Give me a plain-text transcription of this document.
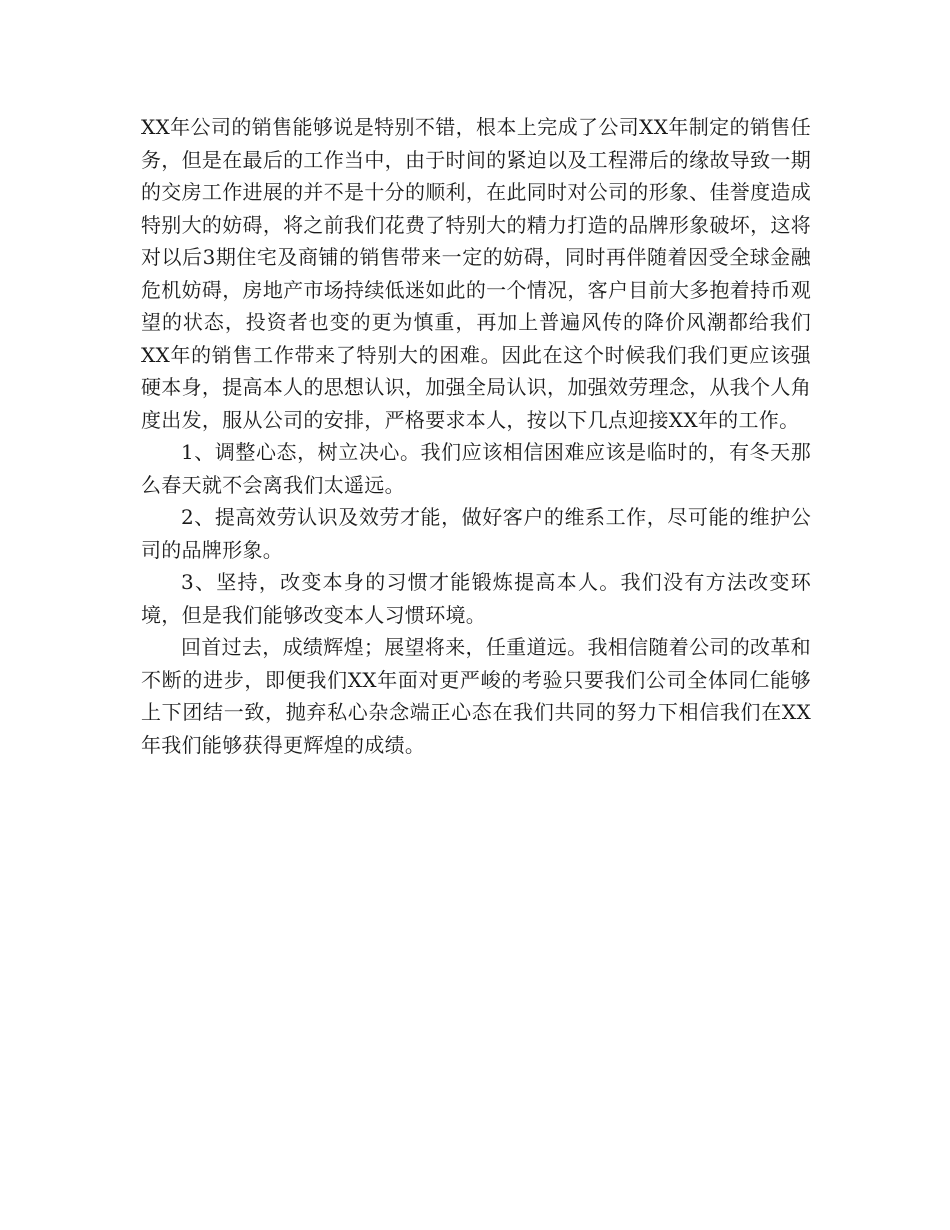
XX年公司的销售能够说是特别不错，根本上完成了公司XX年制定的销售任务，但是在最后的工作当中，由于时间的紧迫以及工程滞后的缘故导致一期的交房工作进展的并不是十分的顺利，在此同时对公司的形象、佳誉度造成特别大的妨碍，将之前我们花费了特别大的精力打造的品牌形象破坏，这将对以后3期住宅及商铺的销售带来一定的妨碍，同时再伴随着因受全球金融危机妨碍，房地产市场持续低迷如此的一个情况，客户目前大多抱着持币观望的状态，投资者也变的更为慎重，再加上普遍风传的降价风潮都给我们XX年的销售工作带来了特别大的困难。因此在这个时候我们我们更应该强硬本身，提高本人的思想认识，加强全局认识，加强效劳理念，从我个人角度出发，服从公司的安排，严格要求本人，按以下几点迎接XX年的工作。

1、调整心态，树立决心。我们应该相信困难应该是临时的，有冬天那么春天就不会离我们太遥远。

2、提高效劳认识及效劳才能，做好客户的维系工作，尽可能的维护公司的品牌形象。

3、坚持，改变本身的习惯才能锻炼提高本人。我们没有方法改变环境，但是我们能够改变本人习惯环境。

回首过去，成绩辉煌；展望将来，任重道远。我相信随着公司的改革和不断的进步，即便我们XX年面对更严峻的考验只要我们公司全体同仁能够上下团结一致，抛弃私心杂念端正心态在我们共同的努力下相信我们在XX年我们能够获得更辉煌的成绩。
